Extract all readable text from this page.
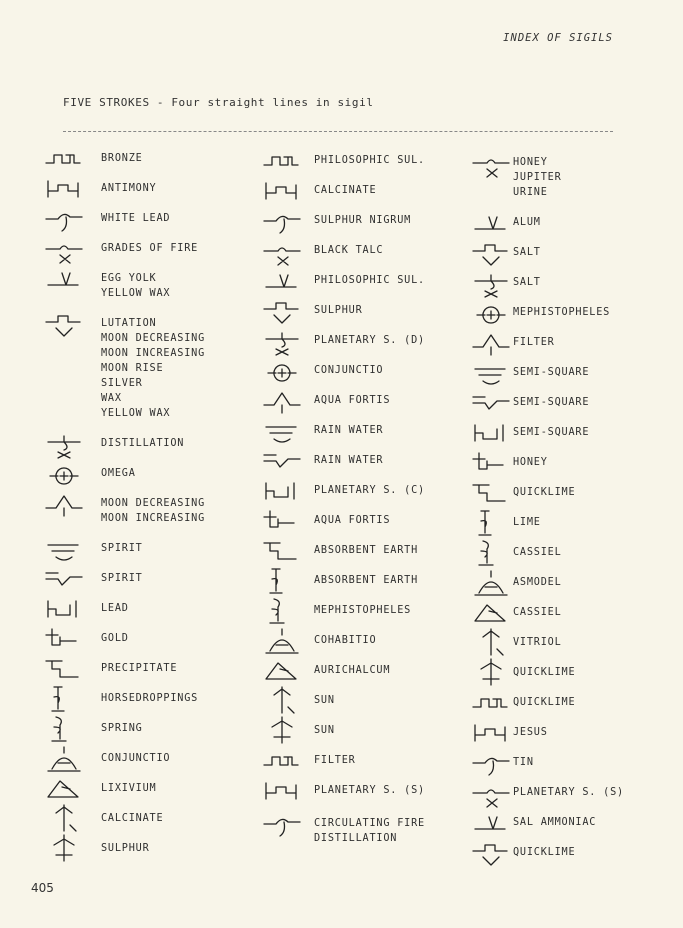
INDEX OF SIGILS
FIVE STROKES - Four straight lines in sigil
BRONZE
ANTIMONY
WHITE LEAD
GRADES OF FIRE
EGG YOLK
YELLOW WAX
LUTATION
MOON DECREASING
MOON INCREASING
MOON RISE
SILVER
WAX
YELLOW WAX
DISTILLATION
OMEGA
MOON DECREASING
MOON INCREASING
SPIRIT
SPIRIT
LEAD
GOLD
PRECIPITATE
HORSEDROPPINGS
SPRING
CONJUNCTIO
LIXIVIUM
CALCINATE
SULPHUR
PHILOSOPHIC SUL.
CALCINATE
SULPHUR NIGRUM
BLACK TALC
PHILOSOPHIC SUL.
SULPHUR
PLANETARY S. (D)
CONJUNCTIO
AQUA FORTIS
RAIN WATER
RAIN WATER
PLANETARY S. (C)
AQUA FORTIS
ABSORBENT EARTH
ABSORBENT EARTH
MEPHISTOPHELES
COHABITIO
AURICHALCUM
SUN
SUN
FILTER
PLANETARY S. (S)
CIRCULATING FIRE
DISTILLATION
HONEY
JUPITER
URINE
ALUM
SALT
SALT
MEPHISTOPHELES
FILTER
SEMI-SQUARE
SEMI-SQUARE
SEMI-SQUARE
HONEY
QUICKLIME
LIME
CASSIEL
ASMODEL
CASSIEL
VITRIOL
QUICKLIME
QUICKLIME
JESUS
TIN
PLANETARY S. (S)
SAL AMMONIAC
QUICKLIME
405
